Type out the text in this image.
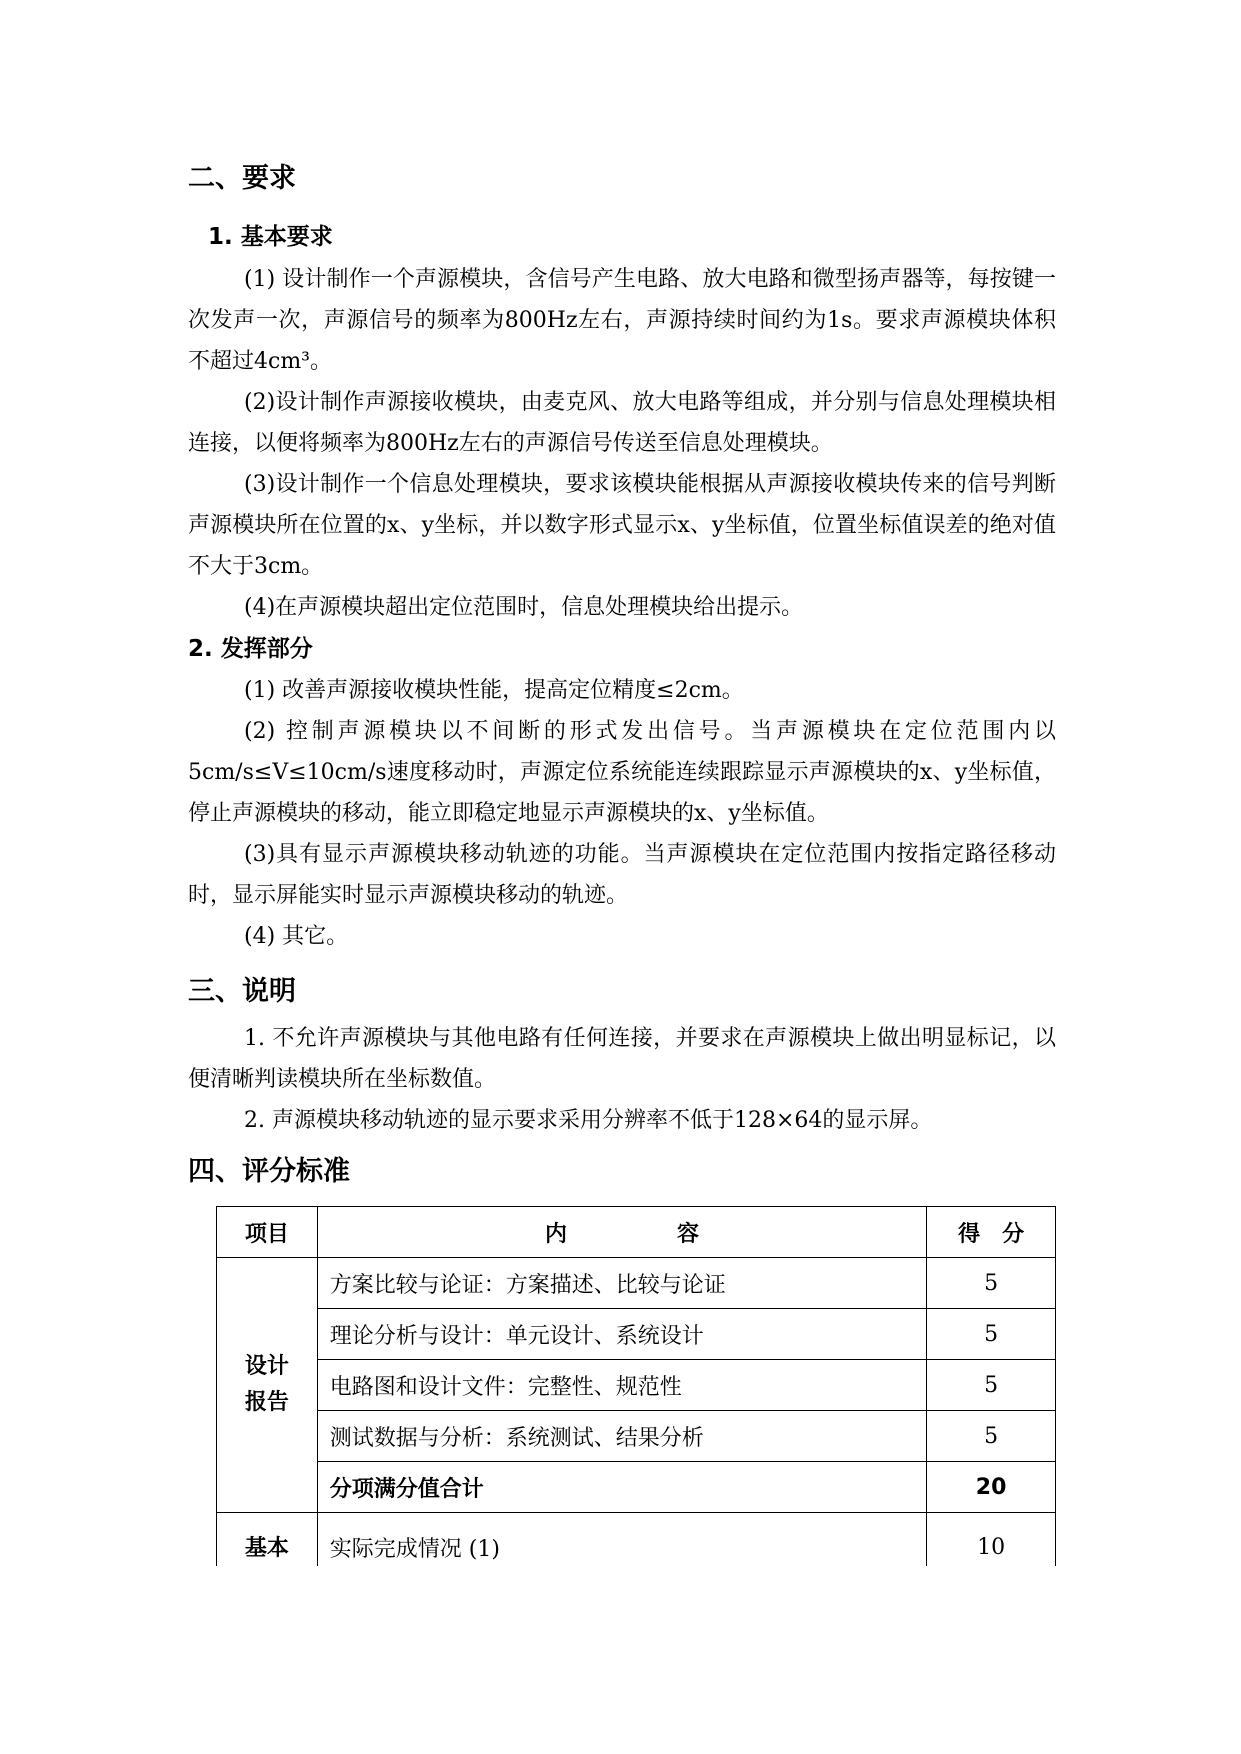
二、要求
1. 基本要求

(1) 设计制作一个声源模块，含信号产生电路、放大电路和微型扬声器等，每按键一次发声一次，声源信号的频率为800Hz左右，声源持续时间约为1s。要求声源模块体积不超过4cm³。

(2)设计制作声源接收模块，由麦克风、放大电路等组成，并分别与信息处理模块相连接，以便将频率为800Hz左右的声源信号传送至信息处理模块。

(3)设计制作一个信息处理模块，要求该模块能根据从声源接收模块传来的信号判断声源模块所在位置的x、y坐标，并以数字形式显示x、y坐标值，位置坐标值误差的绝对值不大于3cm。

(4)在声源模块超出定位范围时，信息处理模块给出提示。

2. 发挥部分

(1) 改善声源接收模块性能，提高定位精度≤2cm。

(2) 控制声源模块以不间断的形式发出信号。当声源模块在定位范围内以5cm/s≤V≤10cm/s速度移动时，声源定位系统能连续跟踪显示声源模块的x、y坐标值，停止声源模块的移动，能立即稳定地显示声源模块的x、y坐标值。

(3)具有显示声源模块移动轨迹的功能。当声源模块在定位范围内按指定路径移动时，显示屏能实时显示声源模块移动的轨迹。

(4) 其它。

三、说明

1. 不允许声源模块与其他电路有任何连接，并要求在声源模块上做出明显标记，以便清晰判读模块所在坐标数值。

2. 声源模块移动轨迹的显示要求采用分辨率不低于128×64的显示屏。

四、评分标准
项目	内　　　　　容	得　分

设计
报告	方案比较与论证：方案描述、比较与论证	5
	理论分析与设计：单元设计、系统设计	5
	电路图和设计文件：完整性、规范性	5
	测试数据与分析：系统测试、结果分析	5
	分项满分值合计	20
基本	实际完成情况 (1)	10
